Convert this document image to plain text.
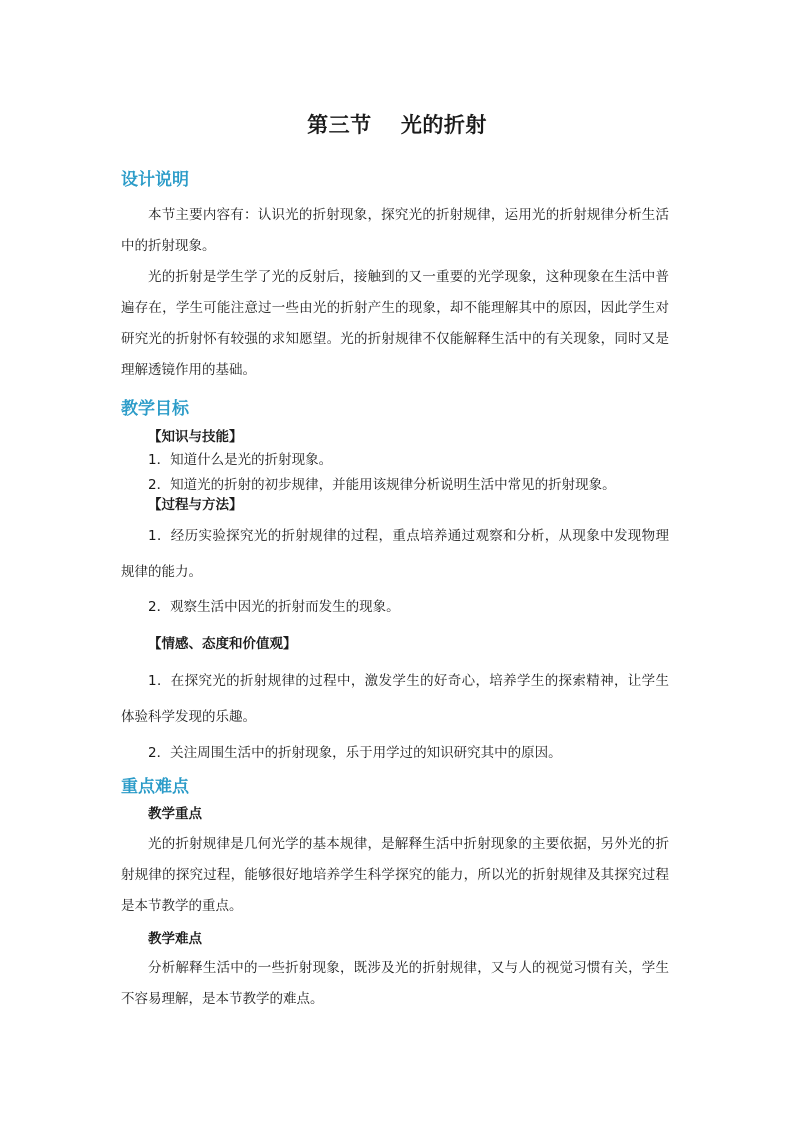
第三节　 光的折射
设计说明

本节主要内容有：认识光的折射现象，探究光的折射规律，运用光的折射规律分析生活中的折射现象。

光的折射是学生学了光的反射后，接触到的又一重要的光学现象，这种现象在生活中普遍存在，学生可能注意过一些由光的折射产生的现象，却不能理解其中的原因，因此学生对研究光的折射怀有较强的求知愿望。光的折射规律不仅能解释生活中的有关现象，同时又是理解透镜作用的基础。

教学目标
【知识与技能】
1．知道什么是光的折射现象。
2．知道光的折射的初步规律，并能用该规律分析说明生活中常见的折射现象。
【过程与方法】

1．经历实验探究光的折射规律的过程，重点培养通过观察和分析，从现象中发现物理规律的能力。

2．观察生活中因光的折射而发生的现象。
【情感、态度和价值观】

1．在探究光的折射规律的过程中，激发学生的好奇心，培养学生的探索精神，让学生体验科学发现的乐趣。

2．关注周围生活中的折射现象，乐于用学过的知识研究其中的原因。
重点难点
教学重点

光的折射规律是几何光学的基本规律，是解释生活中折射现象的主要依据，另外光的折射规律的探究过程，能够很好地培养学生科学探究的能力，所以光的折射规律及其探究过程是本节教学的重点。

教学难点

分析解释生活中的一些折射现象，既涉及光的折射规律，又与人的视觉习惯有关，学生不容易理解，是本节教学的难点。
